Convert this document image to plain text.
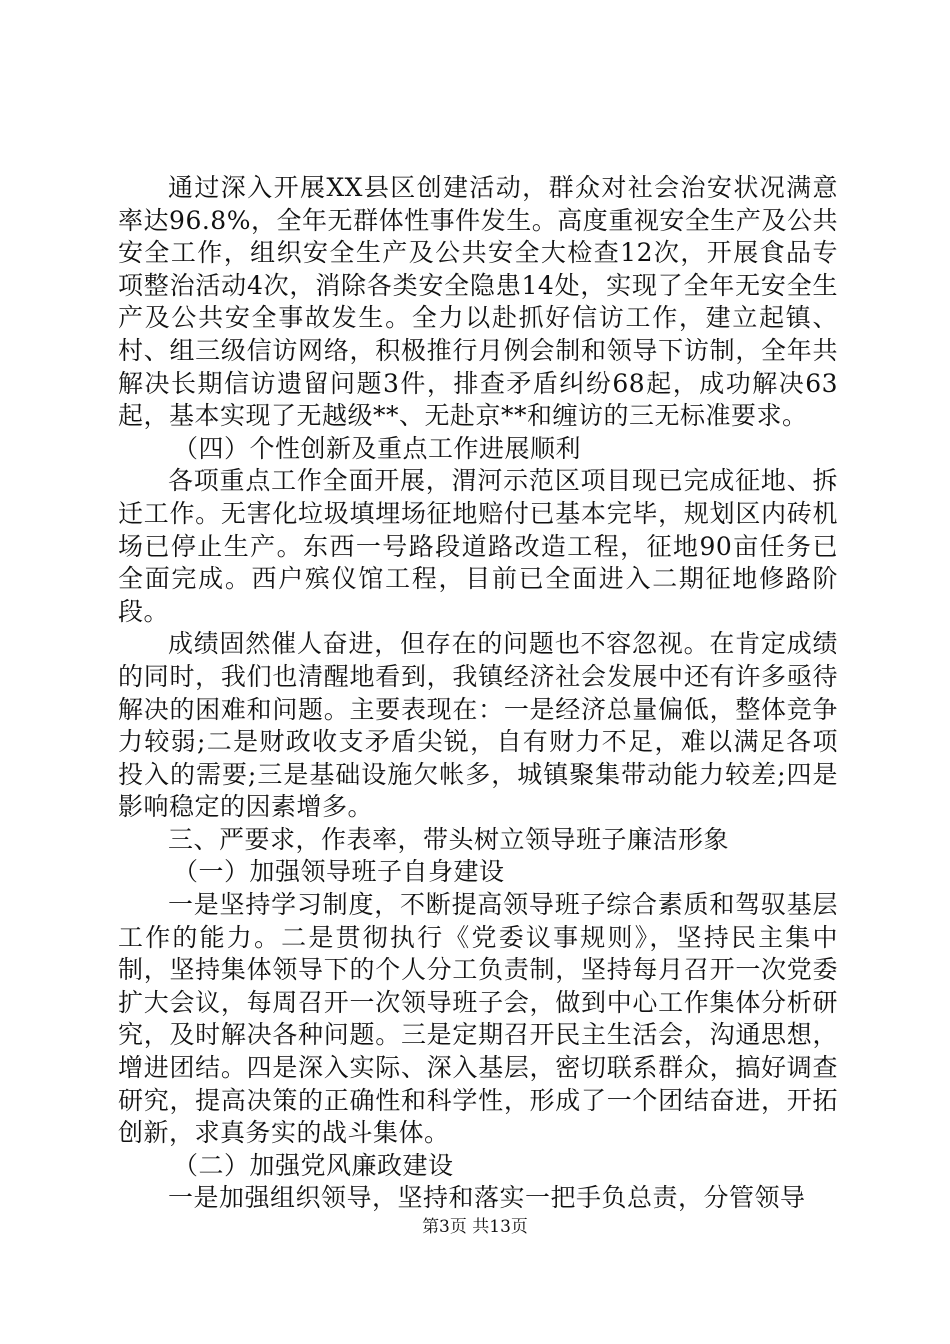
通过深入开展XX县区创建活动，群众对社会治安状况满意率达96.8%，全年无群体性事件发生。高度重视安全生产及公共安全工作，组织安全生产及公共安全大检查12次，开展食品专项整治活动4次，消除各类安全隐患14处，实现了全年无安全生产及公共安全事故发生。全力以赴抓好信访工作，建立起镇、村、组三级信访网络，积极推行月例会制和领导下访制，全年共解决长期信访遗留问题3件，排查矛盾纠纷68起，成功解决63起，基本实现了无越级**、无赴京**和缠访的三无标准要求。

（四）个性创新及重点工作进展顺利

各项重点工作全面开展，渭河示范区项目现已完成征地、拆迁工作。无害化垃圾填埋场征地赔付已基本完毕，规划区内砖机场已停止生产。东西一号路段道路改造工程，征地90亩任务已全面完成。西户殡仪馆工程，目前已全面进入二期征地修路阶段。

成绩固然催人奋进，但存在的问题也不容忽视。在肯定成绩的同时，我们也清醒地看到，我镇经济社会发展中还有许多亟待解决的困难和问题。主要表现在：一是经济总量偏低，整体竞争力较弱;二是财政收支矛盾尖锐，自有财力不足，难以满足各项投入的需要;三是基础设施欠帐多，城镇聚集带动能力较差;四是影响稳定的因素增多。

三、严要求，作表率，带头树立领导班子廉洁形象

（一）加强领导班子自身建设

一是坚持学习制度，不断提高领导班子综合素质和驾驭基层工作的能力。二是贯彻执行《党委议事规则》，坚持民主集中制，坚持集体领导下的个人分工负责制，坚持每月召开一次党委扩大会议，每周召开一次领导班子会，做到中心工作集体分析研究，及时解决各种问题。三是定期召开民主生活会，沟通思想，增进团结。四是深入实际、深入基层，密切联系群众，搞好调查研究，提高决策的正确性和科学性，形成了一个团结奋进，开拓创新，求真务实的战斗集体。

（二）加强党风廉政建设

一是加强组织领导，坚持和落实一把手负总责，分管领导

第3页 共13页
